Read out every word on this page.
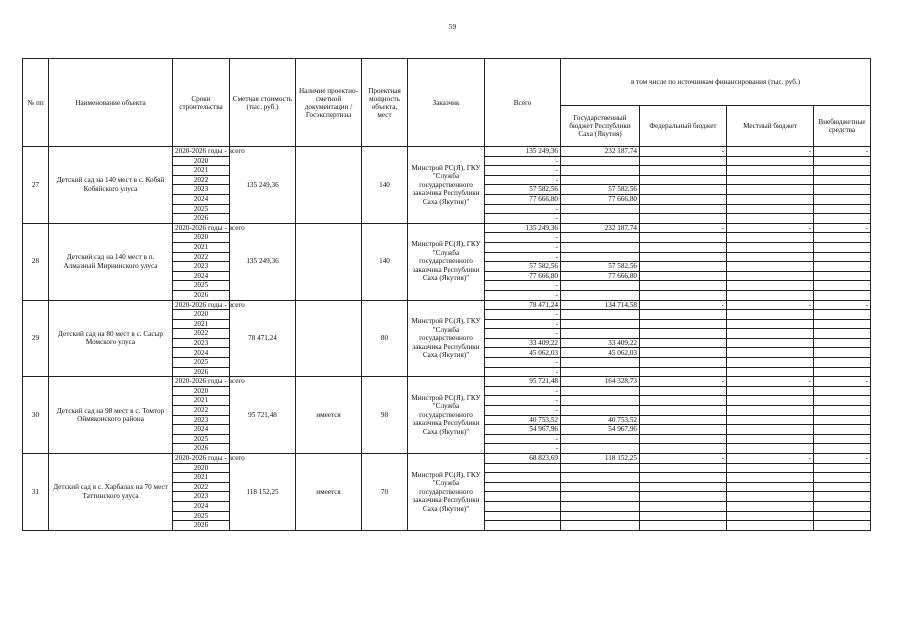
59
№ пп	Наименование объекта	Сроки строительства	Сметная стоимость (тыс. руб.)	Наличие проектно-сметной документации /Госэкспертизы	Проектная мощность объекта, мест	Заказчик	Всего	в том числе по источникам финансирования (тыс. руб.)			
								Государственный бюджет Республики Саха (Якутия)	Федеральный бюджет	Местный бюджет	Внебюджетные средства
27	Детский сад на 140 мест в с. Кобяй Кобяйского улуса	2020-2026 годы - всего	135 249,36		140	Минстрой РС(Я), ГКУ "Служба государственного заказчика Республики Саха (Якутия)"	135 249,36	232 187,74	-	-	-
		2020					-				
		2021					-				
		2022					-				
		2023					57 582,56	57 582,56			
		2024					77 666,80	77 666,80			
		2025					-				
		2026					-				
28	Детский сад на 140 мест в п. Алмазный Мирнинского улуса	2020-2026 годы - всего	135 249,36		140	Минстрой РС(Я), ГКУ "Служба государственного заказчика Республики Саха (Якутия)"	135 249,36	232 187,74	-	-	-
		2020					-				
		2021					-				
		2022					-				
		2023					57 582,56	57 582,56			
		2024					77 666,80	77 666,80			
		2025					-				
		2026					-				
29	Детский сад на 80 мест в с. Сасыр Момского улуса	2020-2026 годы - всего	78 471,24		80	Минстрой РС(Я), ГКУ "Служба государственного заказчика Республики Саха (Якутия)"	78 471,24	134 714,58	-	-	-
		2020					-				
		2021					-				
		2022					-				
		2023					33 409,22	33 409,22			
		2024					45 062,03	45 062,03			
		2025					-				
		2026					-				
30	Детский сад на 98 мест в с. Томтор Оймяконского района	2020-2026 годы - всего	95 721,48	имеется	98	Минстрой РС(Я), ГКУ "Служба государственного заказчика Республики Саха (Якутия)"	95 721,48	164 328,73	-	-	-
		2020					-				
		2021					-				
		2022					-				
		2023					40 753,52	40 753,52			
		2024					54 967,96	54 967,96			
		2025					-				
		2026					-				
31	Детский сад в с. Харбалах на 70 мест Таттинского улуса	2020-2026 годы - всего	118 152,25	имеется	70	Минстрой РС(Я), ГКУ "Служба государственного заказчика Республики Саха (Якутия)"	68 823,69	118 152,25	-	-	-
		2020									
		2021									
		2022									
		2023									
		2024									
		2025									
		2026									
